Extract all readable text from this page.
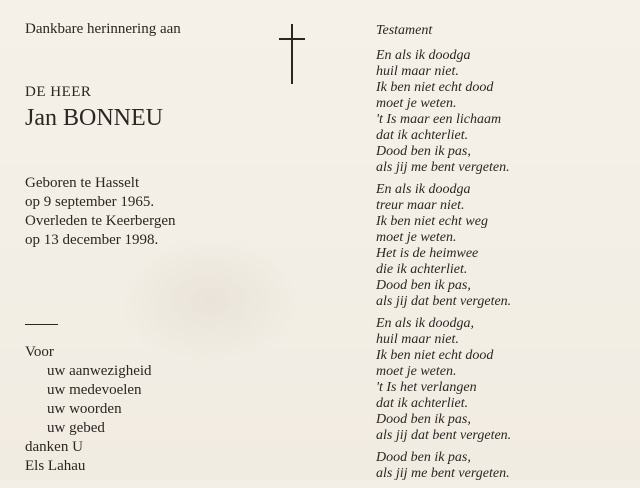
Dankbare herinnering aan
DE HEER
Jan BONNEU
Geboren te Hasselt
op 9 september 1965.
Overleden te Keerbergen
op 13 december 1998.
Voor
uw aanwezigheid
uw medevoelen
uw woorden
uw gebed
danken U
Els Lahau
Testament
En als ik doodga
huil maar niet.
Ik ben niet echt dood
moet je weten.
't Is maar een lichaam
dat ik achterliet.
Dood ben ik pas,
als jij me bent vergeten.
En als ik doodga
treur maar niet.
Ik ben niet echt weg
moet je weten.
Het is de heimwee
die ik achterliet.
Dood ben ik pas,
als jij dat bent vergeten.
En als ik doodga,
huil maar niet.
Ik ben niet echt dood
moet je weten.
't Is het verlangen
dat ik achterliet.
Dood ben ik pas,
als jij dat bent vergeten.
Dood ben ik pas,
als jij me bent vergeten.
